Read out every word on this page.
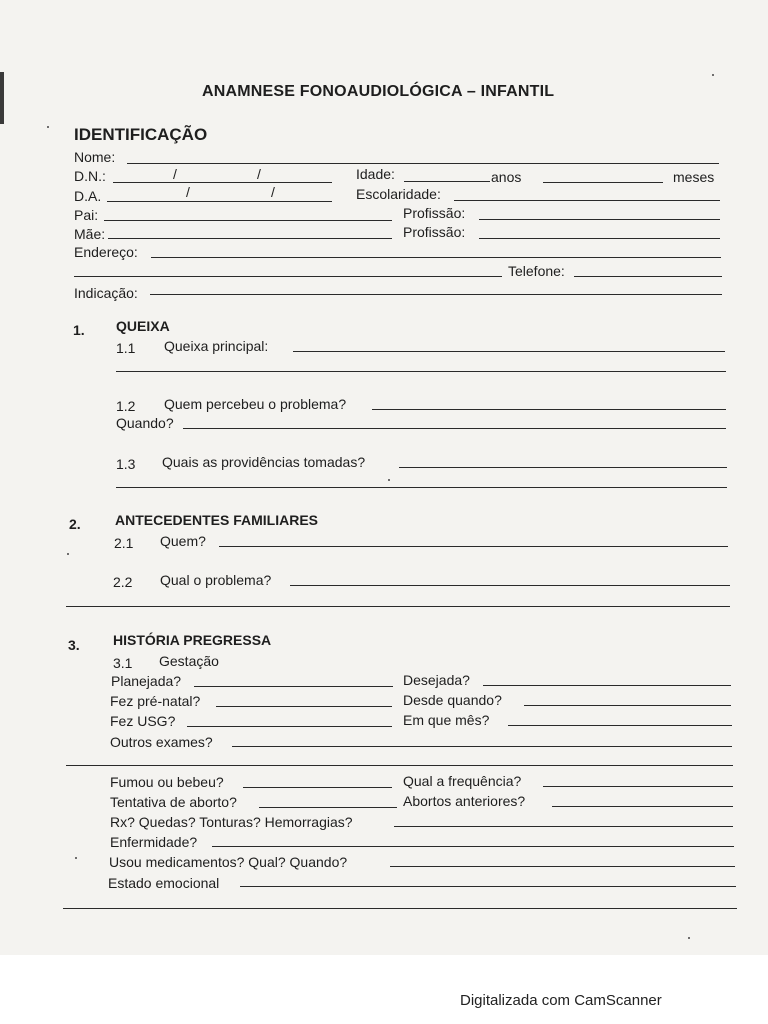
ANAMNESE FONOAUDIOLÓGICA – INFANTIL
IDENTIFICAÇÃO
Nome:
D.N.:	/	/	Idade:	anos	meses
D.A.	/	/	Escolaridade:
Pai:	Profissão:
Mãe:	Profissão:
Endereço:
Telefone:
Indicação:
1. QUEIXA
1.1 Queixa principal:
1.2 Quem percebeu o problema?
Quando?
1.3 Quais as providências tomadas?
2. ANTECEDENTES FAMILIARES
2.1 Quem?
2.2 Qual o problema?
3. HISTÓRIA PREGRESSA
3.1 Gestação
Planejada?	Desejada?
Fez pré-natal?	Desde quando?
Fez USG?	Em que mês?
Outros exames?
Fumou ou bebeu?	Qual a frequência?
Tentativa de aborto?	Abortos anteriores?
Rx? Quedas? Tonturas? Hemorragias?
Enfermidade?
Usou medicamentos? Qual? Quando?
Estado emocional
Digitalizada com CamScanner
